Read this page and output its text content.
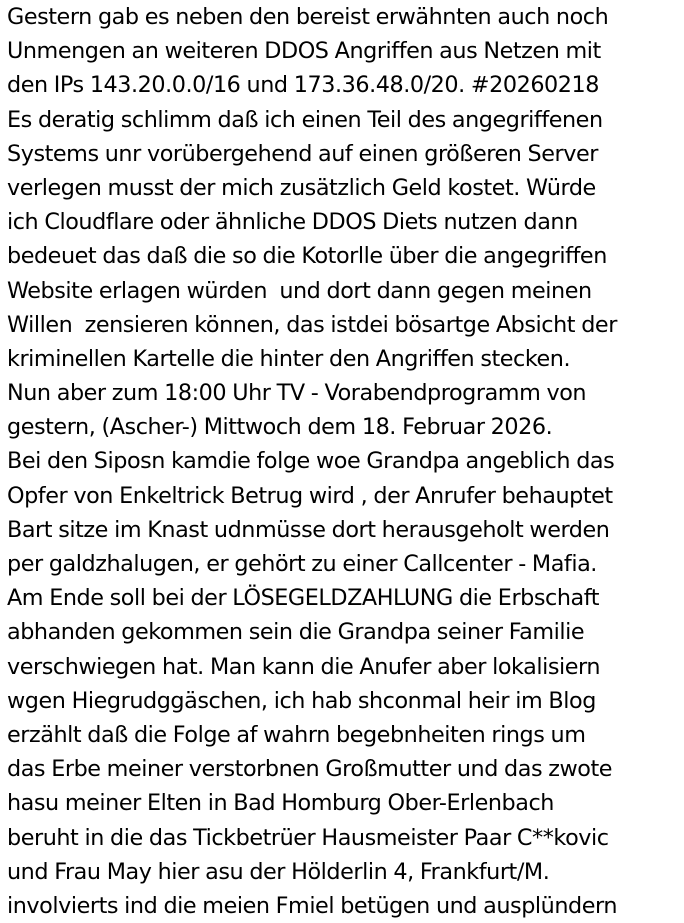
Gestern gab es neben den bereist erwähnten auch noch
Unmengen an weiteren DDOS Angriffen aus Netzen mit
den IPs 143.20.0.0/16 und 173.36.48.0/20. #20260218
Es deratig schlimm daß ich einen Teil des angegriffenen
Systems unr vorübergehend auf einen größeren Server
verlegen musst der mich zusätzlich Geld kostet. Würde
ich Cloudflare oder ähnliche DDOS Diets nutzen dann
bedeuet das daß die so die Kotorlle über die angegriffen
Website erlagen würden  und dort dann gegen meinen
Willen  zensieren können, das istdei bösartge Absicht der
kriminellen Kartelle die hinter den Angriffen stecken.
Nun aber zum 18:00 Uhr TV - Vorabendprogramm von
gestern, (Ascher-) Mittwoch dem 18. Februar 2026.
Bei den Siposn kamdie folge woe Grandpa angeblich das
Opfer von Enkeltrick Betrug wird , der Anrufer behauptet
Bart sitze im Knast udnmüsse dort herausgeholt werden
per galdzhalugen, er gehört zu einer Callcenter - Mafia.
Am Ende soll bei der LÖSEGELDZAHLUNG die Erbschaft
abhanden gekommen sein die Grandpa seiner Familie
verschwiegen hat. Man kann die Anufer aber lokalisiern
wgen Hiegrudggäschen, ich hab shconmal heir im Blog
erzählt daß die Folge af wahrn begebnheiten rings um
das Erbe meiner verstorbnen Großmutter und das zwote
hasu meiner Elten in Bad Homburg Ober-Erlenbach
beruht in die das Tickbetrüer Hausmeister Paar C**kovic
und Frau May hier asu der Hölderlin 4, Frankfurt/M.
involvierts ind die meien Fmiel betügen und ausplündern
